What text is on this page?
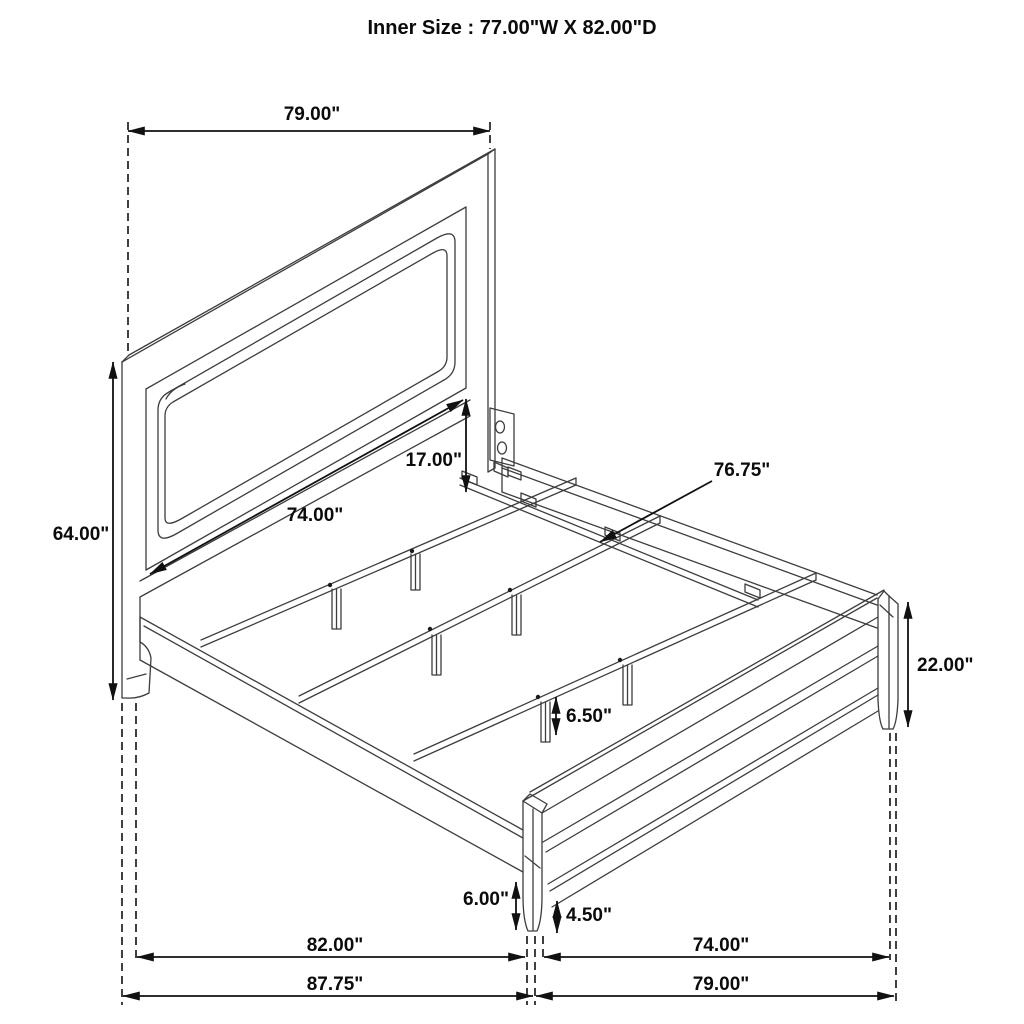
Inner Size : 77.00"W X 82.00"D
79.00"
64.00"
17.00"
74.00"
76.75"
22.00"
6.50"
6.00"
4.50"
82.00"
87.75"
74.00"
79.00"
